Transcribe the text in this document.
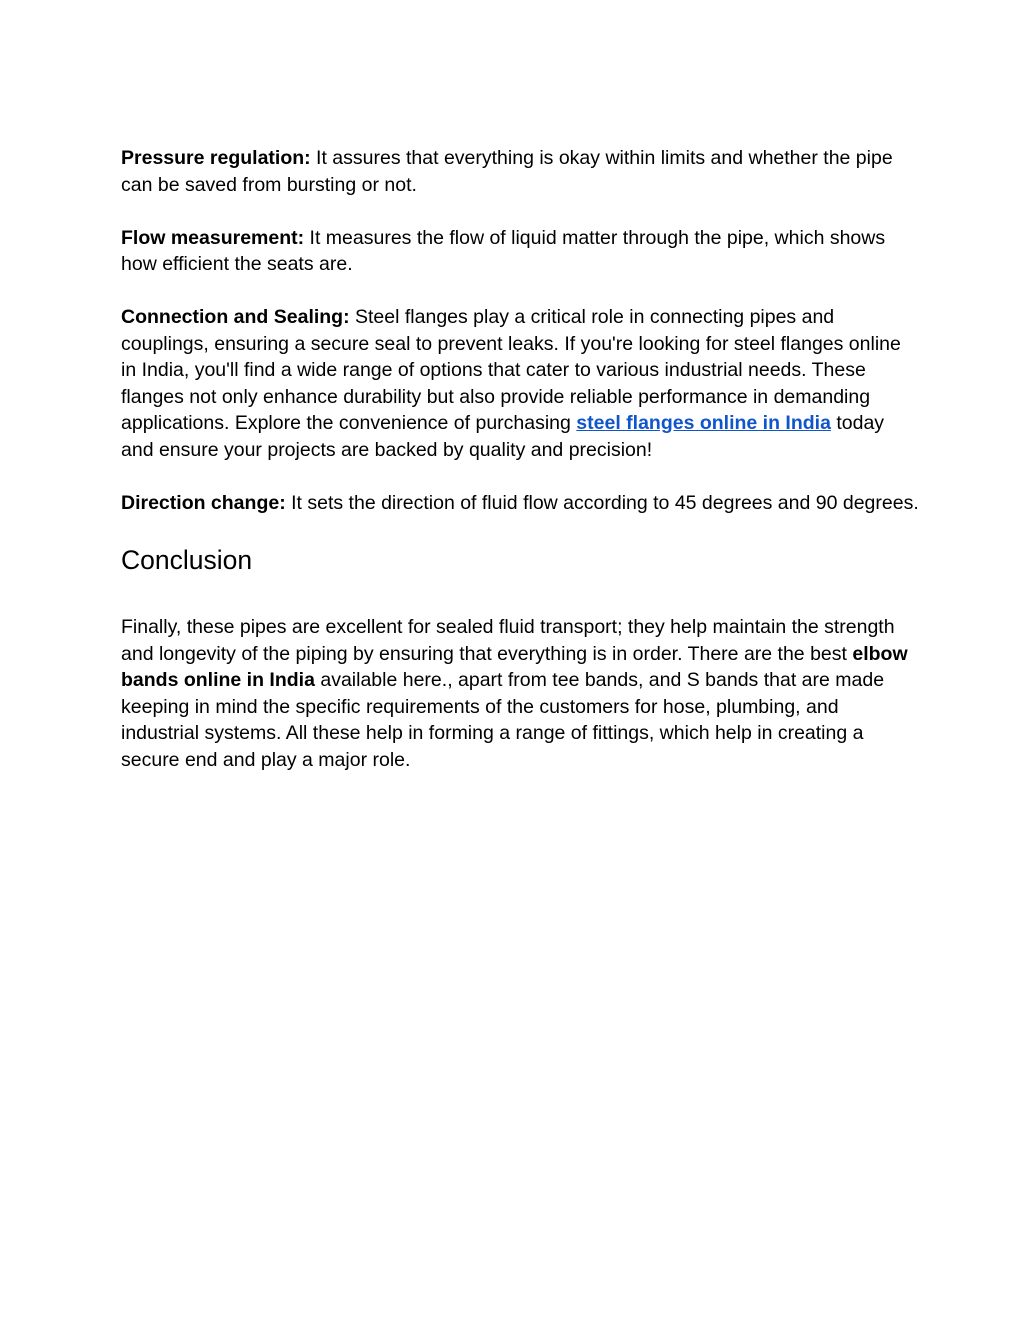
Pressure regulation: It assures that everything is okay within limits and whether the pipe can be saved from bursting or not.

Flow measurement: It measures the flow of liquid matter through the pipe, which shows how efficient the seats are.

Connection and Sealing: Steel flanges play a critical role in connecting pipes and couplings, ensuring a secure seal to prevent leaks. If you're looking for steel flanges online in India, you'll find a wide range of options that cater to various industrial needs. These flanges not only enhance durability but also provide reliable performance in demanding applications. Explore the convenience of purchasing steel flanges online in India today and ensure your projects are backed by quality and precision!

Direction change: It sets the direction of fluid flow according to 45 degrees and 90 degrees.

Conclusion

Finally, these pipes are excellent for sealed fluid transport; they help maintain the strength and longevity of the piping by ensuring that everything is in order. There are the best elbow bands online in India available here., apart from tee bands, and S bands that are made keeping in mind the specific requirements of the customers for hose, plumbing, and industrial systems. All these help in forming a range of fittings, which help in creating a secure end and play a major role.
